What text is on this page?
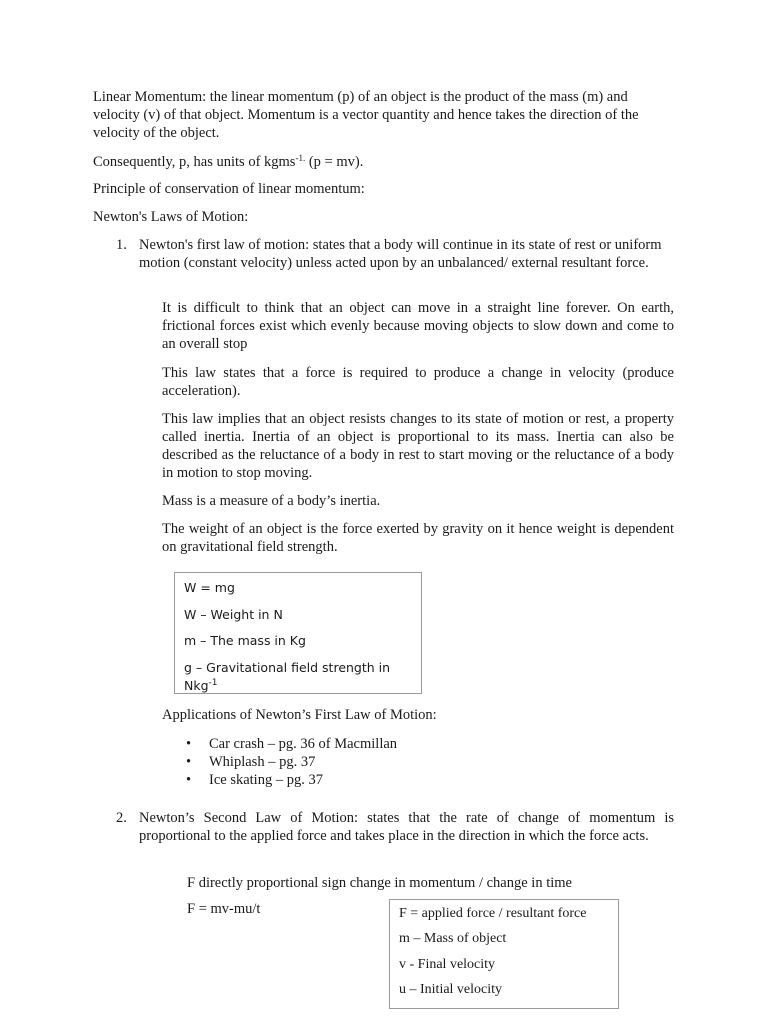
Linear Momentum: the linear momentum (p) of an object is the product of the mass (m) and velocity (v) of that object. Momentum is a vector quantity and hence takes the direction of the velocity of the object.

Consequently, p, has units of kgms$^{-1.}$ (p = mv).

Principle of conservation of linear momentum:

Newton's Laws of Motion:

1. Newton's first law of motion: states that a body will continue in its state of rest or uniform motion (constant velocity) unless acted upon by an unbalanced/ external resultant force.

It is difficult to think that an object can move in a straight line forever. On earth, frictional forces exist which evenly because moving objects to slow down and come to an overall stop

This law states that a force is required to produce a change in velocity (produce acceleration).

This law implies that an object resists changes to its state of motion or rest, a property called inertia. Inertia of an object is proportional to its mass. Inertia can also be described as the reluctance of a body in rest to start moving or the reluctance of a body in motion to stop moving.

Mass is a measure of a body’s inertia.

The weight of an object is the force exerted by gravity on it hence weight is dependent on gravitational field strength.

W = mg
W – Weight in N
m – The mass in Kg
g – Gravitational field strength in Nkg$^{-1}$

Applications of Newton’s First Law of Motion:

• Car crash – pg. 36 of Macmillan
• Whiplash – pg. 37
• Ice skating – pg. 37
2. Newton’s Second Law of Motion: states that the rate of change of momentum is proportional to the applied force and takes place in the direction in which the force acts.

F directly proportional sign change in momentum / change in time

F = mv-mu/t	F = applied force / resultant force
m – Mass of object
v - Final velocity
u – Initial velocity
